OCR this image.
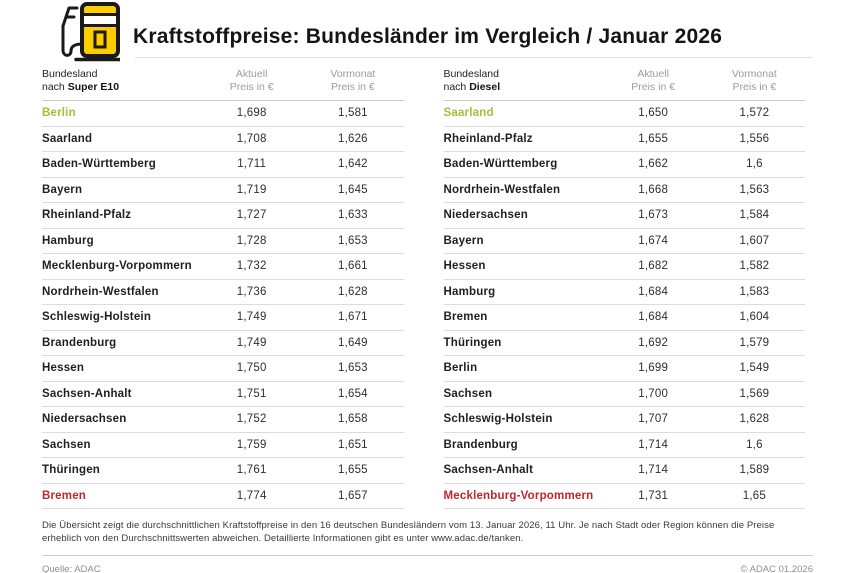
Kraftstoffpreise: Bundesländer im Vergleich / Januar 2026
Bundesland
nach Super E10
Aktuell
Preis in €
Vormonat
Preis in €
Berlin	1,698	1,581
Saarland	1,708	1,626
Baden-Württemberg	1,711	1,642
Bayern	1,719	1,645
Rheinland-Pfalz	1,727	1,633
Hamburg	1,728	1,653
Mecklenburg-Vorpommern	1,732	1,661
Nordrhein-Westfalen	1,736	1,628
Schleswig-Holstein	1,749	1,671
Brandenburg	1,749	1,649
Hessen	1,750	1,653
Sachsen-Anhalt	1,751	1,654
Niedersachsen	1,752	1,658
Sachsen	1,759	1,651
Thüringen	1,761	1,655
Bremen	1,774	1,657
Bundesland
nach Diesel
Aktuell
Preis in €
Vormonat
Preis in €
Saarland	1,650	1,572
Rheinland-Pfalz	1,655	1,556
Baden-Württemberg	1,662	1,6
Nordrhein-Westfalen	1,668	1,563
Niedersachsen	1,673	1,584
Bayern	1,674	1,607
Hessen	1,682	1,582
Hamburg	1,684	1,583
Bremen	1,684	1,604
Thüringen	1,692	1,579
Berlin	1,699	1,549
Sachsen	1,700	1,569
Schleswig-Holstein	1,707	1,628
Brandenburg	1,714	1,6
Sachsen-Anhalt	1,714	1,589
Mecklenburg-Vorpommern	1,731	1,65
Die Übersicht zeigt die durchschnittlichen Kraftstoffpreise in den 16 deutschen Bundesländern vom 13. Januar 2026, 11 Uhr. Je nach Stadt oder Region können die Preise erheblich von den Durchschnittswerten abweichen. Detaillierte Informationen gibt es unter www.adac.de/tanken.
Quelle: ADAC	© ADAC 01.2026
